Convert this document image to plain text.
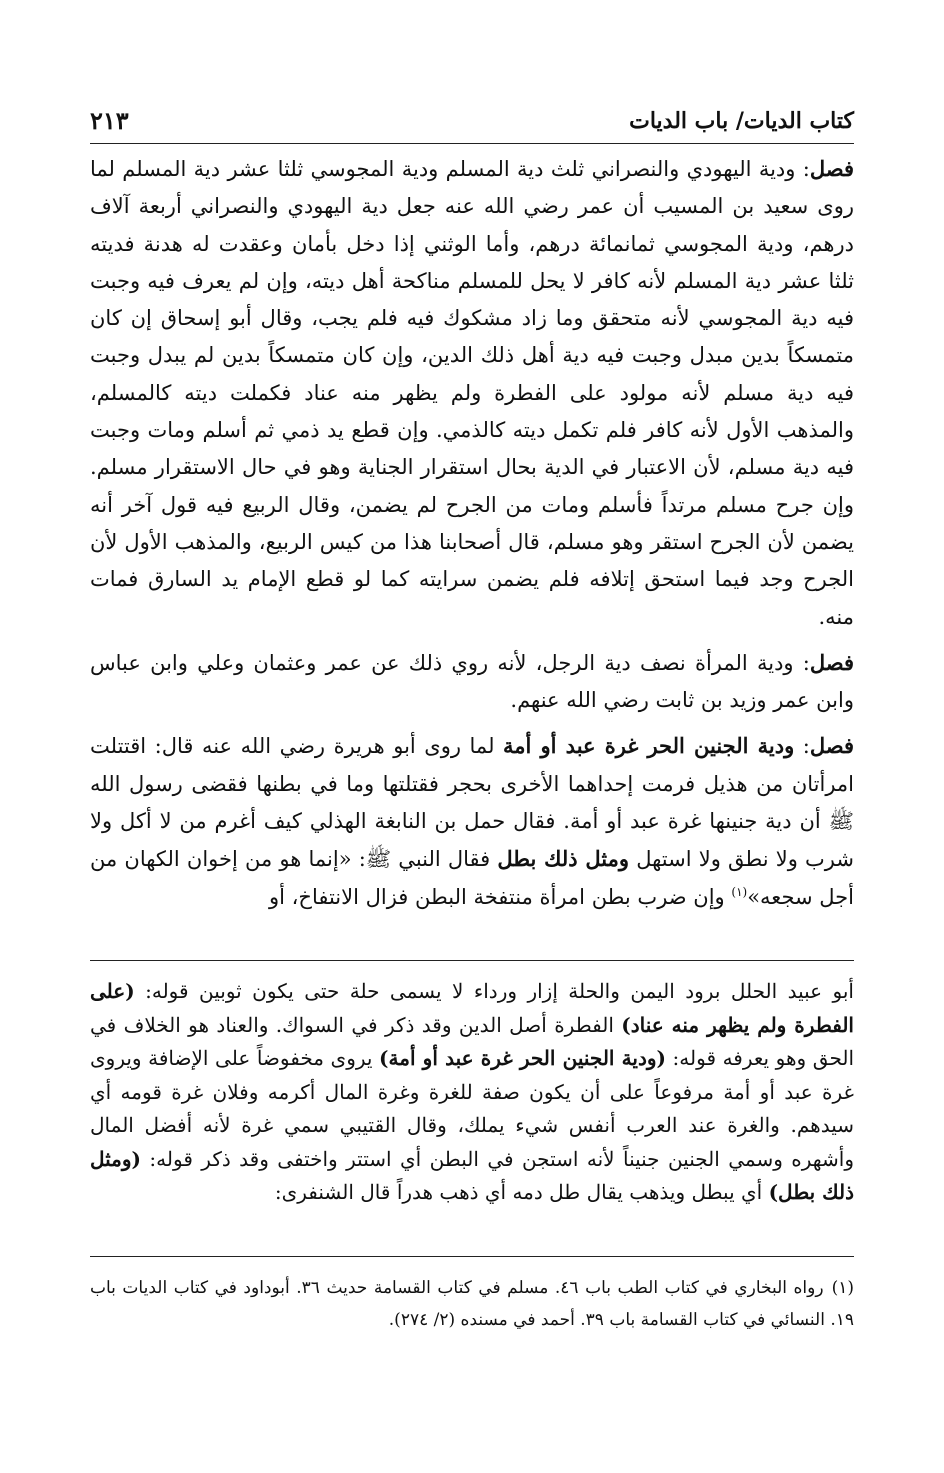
كتاب الديات/ باب الديات
٢١٣

فصل: ودية اليهودي والنصراني ثلث دية المسلم ودية المجوسي ثلثا عشر دية المسلم لما روى سعيد بن المسيب أن عمر رضي الله عنه جعل دية اليهودي والنصراني أربعة آلاف درهم، ودية المجوسي ثمانمائة درهم، وأما الوثني إذا دخل بأمان وعقدت له هدنة فديته ثلثا عشر دية المسلم لأنه كافر لا يحل للمسلم مناكحة أهل ديته، وإن لم يعرف فيه وجبت فيه دية المجوسي لأنه متحقق وما زاد مشكوك فيه فلم يجب، وقال أبو إسحاق إن كان متمسكاً بدين مبدل وجبت فيه دية أهل ذلك الدين، وإن كان متمسكاً بدين لم يبدل وجبت فيه دية مسلم لأنه مولود على الفطرة ولم يظهر منه عناد فكملت ديته كالمسلم، والمذهب الأول لأنه كافر فلم تكمل ديته كالذمي. وإن قطع يد ذمي ثم أسلم ومات وجبت فيه دية مسلم، لأن الاعتبار في الدية بحال استقرار الجناية وهو في حال الاستقرار مسلم. وإن جرح مسلم مرتداً فأسلم ومات من الجرح لم يضمن، وقال الربيع فيه قول آخر أنه يضمن لأن الجرح استقر وهو مسلم، قال أصحابنا هذا من كيس الربيع، والمذهب الأول لأن الجرح وجد فيما استحق إتلافه فلم يضمن سرايته كما لو قطع الإمام يد السارق فمات منه.

فصل: ودية المرأة نصف دية الرجل، لأنه روي ذلك عن عمر وعثمان وعلي وابن عباس وابن عمر وزيد بن ثابت رضي الله عنهم.

فصل: ودية الجنين الحر غرة عبد أو أمة لما روى أبو هريرة رضي الله عنه قال: اقتتلت امرأتان من هذيل فرمت إحداهما الأخرى بحجر فقتلتها وما في بطنها فقضى رسول الله ﷺ أن دية جنينها غرة عبد أو أمة. فقال حمل بن النابغة الهذلي كيف أغرم من لا أكل ولا شرب ولا نطق ولا استهل ومثل ذلك بطل فقال النبي ﷺ: «إنما هو من إخوان الكهان من أجل سجعه»$^{(١)}$ وإن ضرب بطن امرأة منتفخة البطن فزال الانتفاخ، أو

أبو عبيد الحلل برود اليمن والحلة إزار ورداء لا يسمى حلة حتى يكون ثوبين قوله: (على الفطرة ولم يظهر منه عناد) الفطرة أصل الدين وقد ذكر في السواك. والعناد هو الخلاف في الحق وهو يعرفه قوله: (ودية الجنين الحر غرة عبد أو أمة) يروى مخفوضاً على الإضافة ويروى غرة عبد أو أمة مرفوعاً على أن يكون صفة للغرة وغرة المال أكرمه وفلان غرة قومه أي سيدهم. والغرة عند العرب أنفس شيء يملك، وقال القتيبي سمي غرة لأنه أفضل المال وأشهره وسمي الجنين جنيناً لأنه استجن في البطن أي استتر واختفى وقد ذكر قوله: (ومثل ذلك بطل) أي يبطل ويذهب يقال طل دمه أي ذهب هدراً قال الشنفرى:

(١)رواه البخاري في كتاب الطب باب ٤٦. مسلم في كتاب القسامة حديث ٣٦. أبوداود في كتاب الديات باب ١٩. النسائي في كتاب القسامة باب ٣٩. أحمد في مسنده (٢/ ٢٧٤).
